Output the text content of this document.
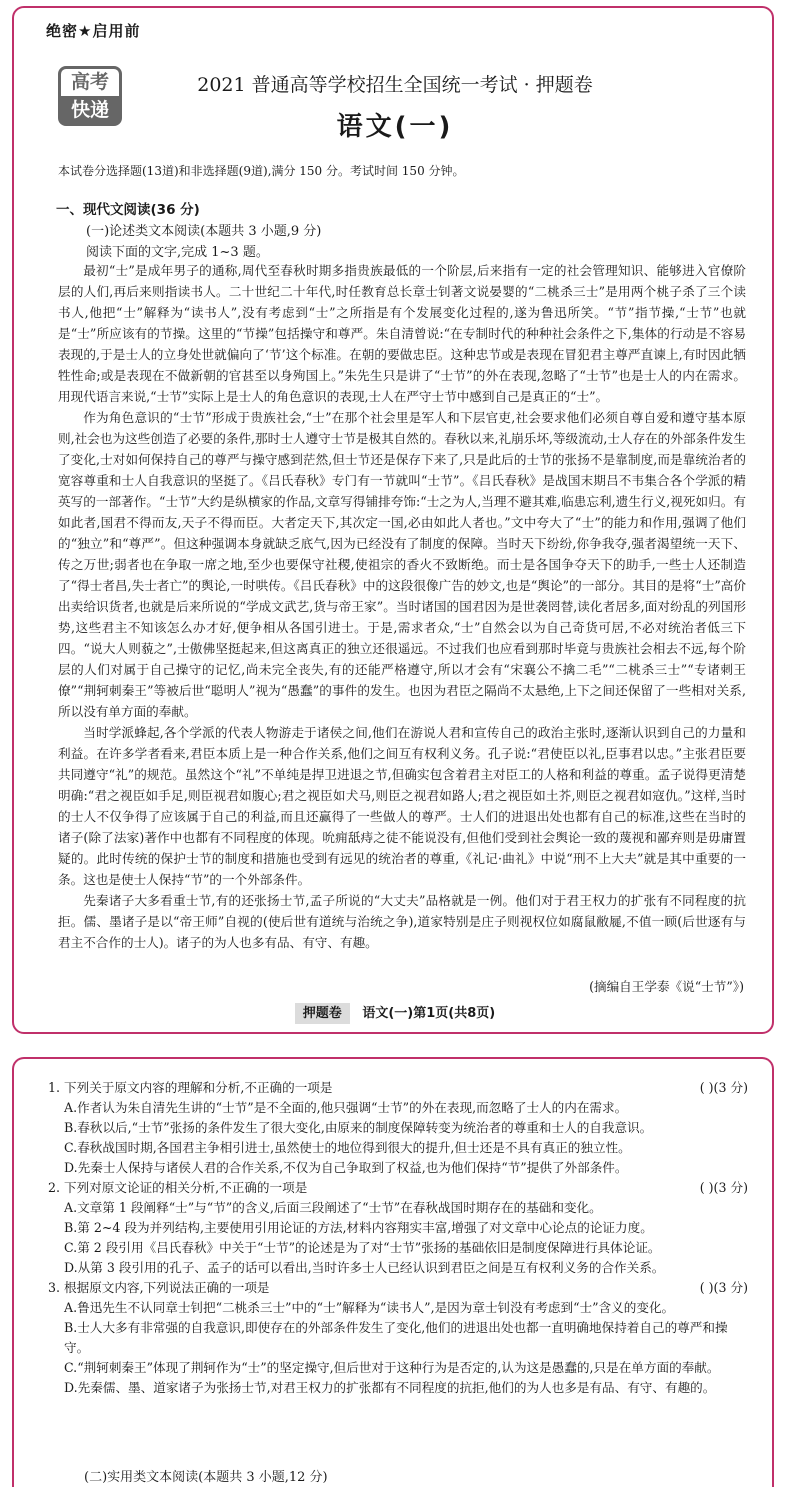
绝密★启用前
高考
快递
2021 普通高等学校招生全国统一考试 · 押题卷
语文(一)
本试卷分选择题(13道)和非选择题(9道),满分 150 分。考试时间 150 分钟。
一、现代文阅读(36 分)
(一)论述类文本阅读(本题共 3 小题,9 分)
阅读下面的文字,完成 1~3 题。

最初“士”是成年男子的通称,周代至春秋时期多指贵族最低的一个阶层,后来指有一定的社会管理知识、能够进入官僚阶层的人们,再后来则指读书人。二十世纪二十年代,时任教育总长章士钊著文说晏婴的“二桃杀三士”是用两个桃子杀了三个读书人,他把“士”解释为“读书人”,没有考虑到“士”之所指是有个发展变化过程的,遂为鲁迅所笑。“节”指节操,“士节”也就是“士”所应该有的节操。这里的“节操”包括操守和尊严。朱自清曾说:“在专制时代的种种社会条件之下,集体的行动是不容易表现的,于是士人的立身处世就偏向了‘节’这个标准。在朝的要做忠臣。这种忠节或是表现在冒犯君主尊严直谏上,有时因此牺牲性命;或是表现在不做新朝的官甚至以身殉国上。”朱先生只是讲了“士节”的外在表现,忽略了“士节”也是士人的内在需求。用现代语言来说,“士节”实际上是士人的角色意识的表现,士人在严守士节中感到自己是真正的“士”。

作为角色意识的“士节”形成于贵族社会,“士”在那个社会里是军人和下层官吏,社会要求他们必须自尊自爱和遵守基本原则,社会也为这些创造了必要的条件,那时士人遵守士节是极其自然的。春秋以来,礼崩乐坏,等级流动,士人存在的外部条件发生了变化,士对如何保持自己的尊严与操守感到茫然,但士节还是保存下来了,只是此后的士节的张扬不是靠制度,而是靠统治者的宽容尊重和士人自我意识的坚挺了。《吕氏春秋》专门有一节就叫“士节”。《吕氏春秋》是战国末期吕不韦集合各个学派的精英写的一部著作。“士节”大约是纵横家的作品,文章写得铺排夸饰:“士之为人,当理不避其难,临患忘利,遗生行义,视死如归。有如此者,国君不得而友,天子不得而臣。大者定天下,其次定一国,必由如此人者也。”文中夸大了“士”的能力和作用,强调了他们的“独立”和“尊严”。但这种强调本身就缺乏底气,因为已经没有了制度的保障。当时天下纷纷,你争我夺,强者渴望统一天下、传之万世;弱者也在争取一席之地,至少也要保守社稷,使祖宗的香火不致断绝。而士是各国争夺天下的助手,一些士人还制造了“得士者昌,失士者亡”的舆论,一时哄传。《吕氏春秋》中的这段很像广告的妙文,也是“舆论”的一部分。其目的是将“士”高价出卖给识货者,也就是后来所说的“学成文武艺,货与帝王家”。当时诸国的国君因为是世袭罔替,读化者居多,面对纷乱的列国形势,这些君主不知该怎么办才好,便争相从各国引进士。于是,需求者众,“士”自然会以为自己奇货可居,不必对统治者低三下四。“说大人则藐之”,士傲佛坚挺起来,但这离真正的独立还很遥远。不过我们也应看到那时毕竟与贵族社会相去不远,每个阶层的人们对属于自己操守的记忆,尚未完全丧失,有的还能严格遵守,所以才会有“宋襄公不擒二毛”“二桃杀三士”“专诸刺王僚”“荆轲刺秦王”等被后世“聪明人”视为“愚蠢”的事件的发生。也因为君臣之隔尚不太悬绝,上下之间还保留了一些相对关系,所以没有单方面的奉献。

当时学派蜂起,各个学派的代表人物游走于诸侯之间,他们在游说人君和宣传自己的政治主张时,逐渐认识到自己的力量和利益。在许多学者看来,君臣本质上是一种合作关系,他们之间互有权利义务。孔子说:“君使臣以礼,臣事君以忠。”主张君臣要共同遵守“礼”的规范。虽然这个“礼”不单纯是捍卫进退之节,但确实包含着君主对臣工的人格和利益的尊重。孟子说得更清楚明确:“君之视臣如手足,则臣视君如腹心;君之视臣如犬马,则臣之视君如路人;君之视臣如土芥,则臣之视君如寇仇。”这样,当时的士人不仅争得了应该属于自己的利益,而且还赢得了一些做人的尊严。士人们的进退出处也都有自己的标准,这些在当时的诸子(除了法家)著作中也都有不同程度的体现。吮痈舐痔之徒不能说没有,但他们受到社会舆论一致的蔑视和鄙弃则是毋庸置疑的。此时传统的保护士节的制度和措施也受到有远见的统治者的尊重,《礼记·曲礼》中说“刑不上大夫”就是其中重要的一条。这也是使士人保持“节”的一个外部条件。

先秦诸子大多看重士节,有的还张扬士节,孟子所说的“大丈夫”品格就是一例。他们对于君王权力的扩张有不同程度的抗拒。儒、墨诸子是以“帝王师”自视的(使后世有道统与治统之争),道家特别是庄子则视权位如腐鼠敝屣,不值一顾(后世逐有与君主不合作的士人)。诸子的为人也多有品、有守、有趣。

(摘编自王学泰《说“士节”》)
押题卷 语文(一)第1页(共8页)
1. 下列关于原文内容的理解和分析,不正确的一项是	( )(3 分)
A.作者认为朱自清先生讲的“士节”是不全面的,他只强调“士节”的外在表现,而忽略了士人的内在需求。
B.春秋以后,“士节”张扬的条件发生了很大变化,由原来的制度保障转变为统治者的尊重和士人的自我意识。
C.春秋战国时期,各国君主争相引进士,虽然使士的地位得到很大的提升,但士还是不具有真正的独立性。
D.先秦士人保持与诸侯人君的合作关系,不仅为自己争取到了权益,也为他们保持“节”提供了外部条件。
2. 下列对原文论证的相关分析,不正确的一项是	( )(3 分)
A.文章第 1 段阐释“士”与“节”的含义,后面三段阐述了“士节”在春秋战国时期存在的基础和变化。
B.第 2~4 段为并列结构,主要使用引用论证的方法,材料内容翔实丰富,增强了对文章中心论点的论证力度。
C.第 2 段引用《吕氏春秋》中关于“士节”的论述是为了对“士节”张扬的基础依旧是制度保障进行具体论证。
D.从第 3 段引用的孔子、孟子的话可以看出,当时许多士人已经认识到君臣之间是互有权利义务的合作关系。
3. 根据原文内容,下列说法正确的一项是	( )(3 分)
A.鲁迅先生不认同章士钊把“二桃杀三士”中的“士”解释为“读书人”,是因为章士钊没有考虑到“士”含义的变化。
B.士人大多有非常强的自我意识,即使存在的外部条件发生了变化,他们的进退出处也都一直明确地保持着自己的尊严和操守。
C.“荆轲刺秦王”体现了荆轲作为“士”的坚定操守,但后世对于这种行为是否定的,认为这是愚蠢的,只是在单方面的奉献。
D.先秦儒、墨、道家诸子为张扬士节,对君王权力的扩张都有不同程度的抗拒,他们的为人也多是有品、有守、有趣的。
(二)实用类文本阅读(本题共 3 小题,12 分)
